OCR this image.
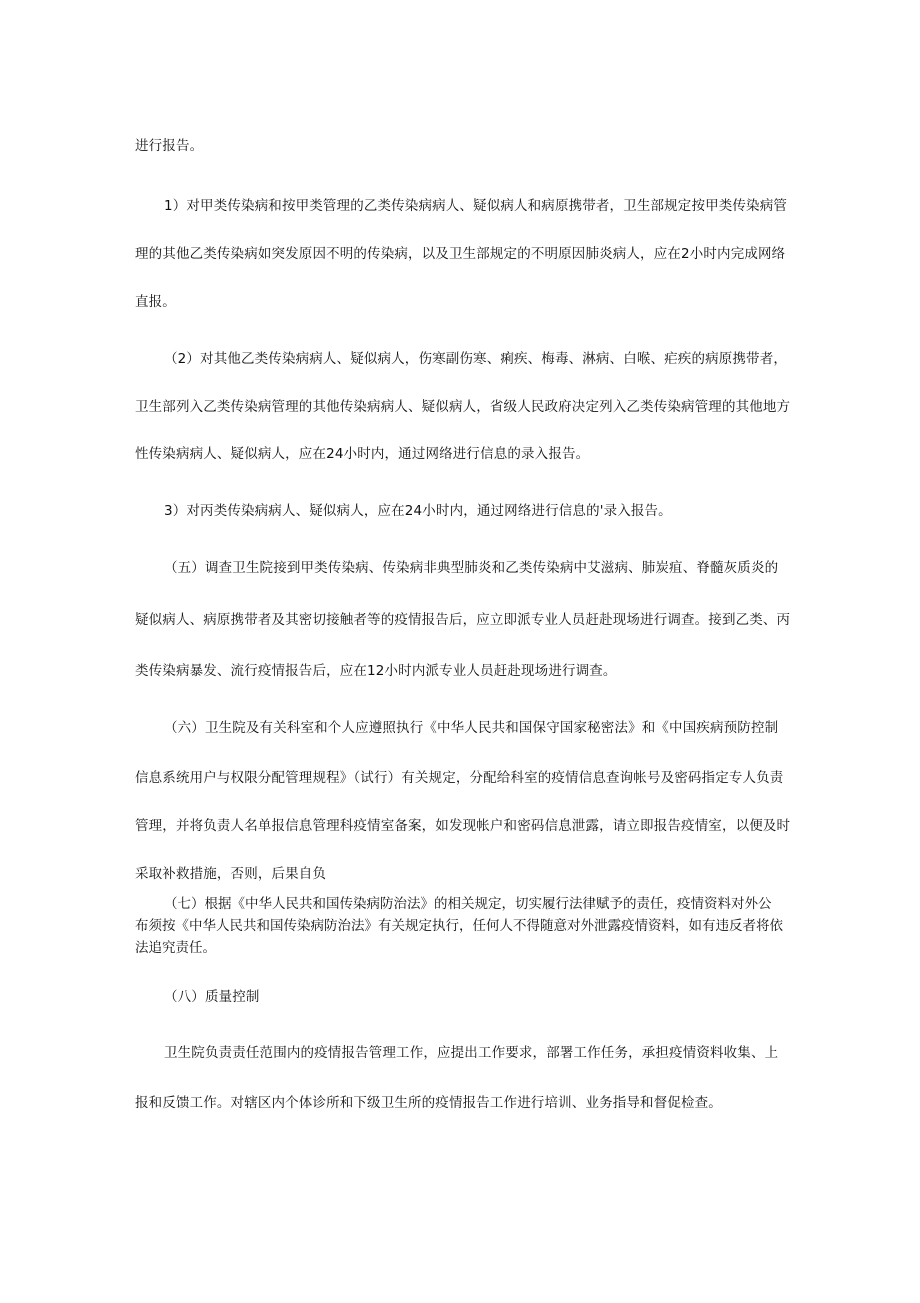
进行报告。
1）对甲类传染病和按甲类管理的乙类传染病病人、疑似病人和病原携带者，卫生部规定按甲类传染病管
理的其他乙类传染病如突发原因不明的传染病，以及卫生部规定的不明原因肺炎病人，应在2小时内完成网络
直报。
（2）对其他乙类传染病病人、疑似病人，伤寒副伤寒、痢疾、梅毒、淋病、白喉、疟疾的病原携带者，
卫生部列入乙类传染病管理的其他传染病病人、疑似病人，省级人民政府决定列入乙类传染病管理的其他地方
性传染病病人、疑似病人，应在24小时内，通过网络进行信息的录入报告。
3）对丙类传染病病人、疑似病人，应在24小时内，通过网络进行信息的'录入报告。
（五）调查卫生院接到甲类传染病、传染病非典型肺炎和乙类传染病中艾滋病、肺炭疽、脊髓灰质炎的
疑似病人、病原携带者及其密切接触者等的疫情报告后，应立即派专业人员赶赴现场进行调查。接到乙类、丙
类传染病暴发、流行疫情报告后，应在12小时内派专业人员赶赴现场进行调查。
（六）卫生院及有关科室和个人应遵照执行《中华人民共和国保守国家秘密法》和《中国疾病预防控制
信息系统用户与权限分配管理规程》（试行）有关规定，分配给科室的疫情信息查询帐号及密码指定专人负责
管理，并将负责人名单报信息管理科疫情室备案，如发现帐户和密码信息泄露，请立即报告疫情室，以便及时
采取补救措施，否则，后果自负
（七）根据《中华人民共和国传染病防治法》的相关规定，切实履行法律赋予的责任，疫情资料对外公
布须按《中华人民共和国传染病防治法》有关规定执行，任何人不得随意对外泄露疫情资料，如有违反者将依
法追究责任。
（八）质量控制
卫生院负责责任范围内的疫情报告管理工作，应提出工作要求，部署工作任务，承担疫情资料收集、上
报和反馈工作。对辖区内个体诊所和下级卫生所的疫情报告工作进行培训、业务指导和督促检查。
